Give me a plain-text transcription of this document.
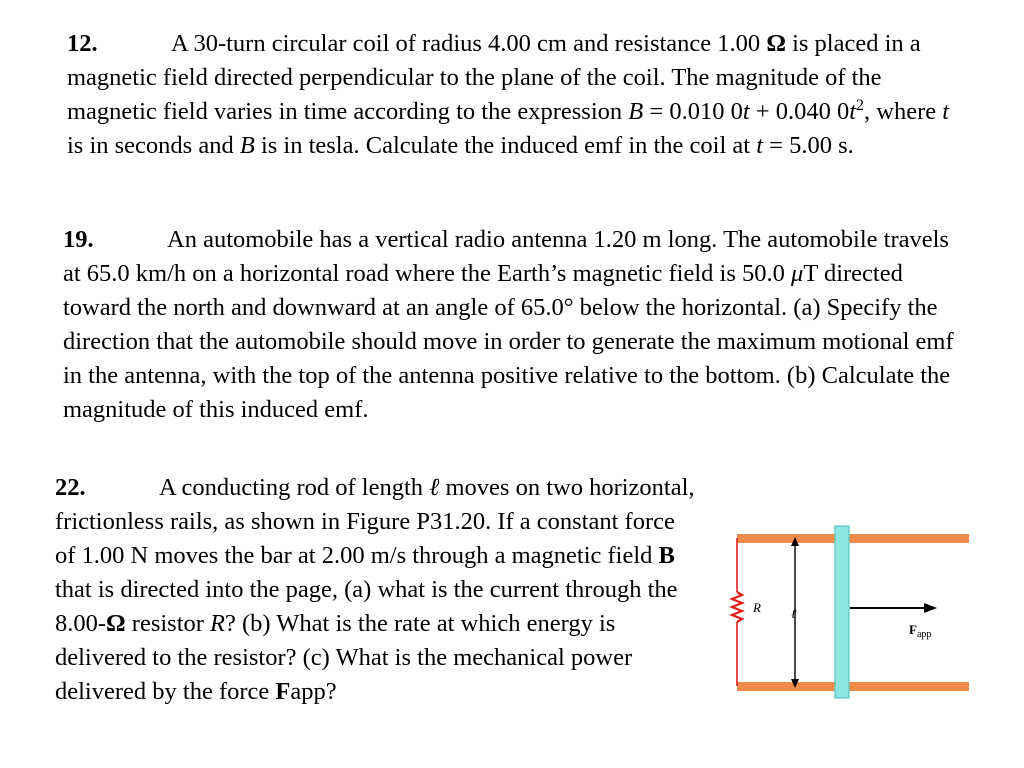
12.	A 30-turn circular coil of radius 4.00 cm and resistance 1.00 Ω is placed in a magnetic field directed perpendicular to the plane of the coil. The magnitude of the magnetic field varies in time according to the expression B = 0.010 0t + 0.040 $0t^2$, where t is in seconds and B is in tesla. Calculate the induced emf in the coil at t = 5.00 s.
19.	An automobile has a vertical radio antenna 1.20 m long. The automobile travels at 65.0 km/h on a horizontal road where the Earth’s magnetic field is 50.0 μT directed toward the north and downward at an angle of 65.0° below the horizontal. (a) Specify the direction that the automobile should move in order to generate the maximum motional emf in the antenna, with the top of the antenna positive relative to the bottom. (b) Calculate the magnitude of this induced emf.
22.	A conducting rod of length ℓ moves on two horizontal, frictionless rails, as shown in Figure P31.20. If a constant force of 1.00 N moves the bar at 2.00 m/s through a magnetic field B that is directed into the page, (a) what is the current through the 8.00-Ω resistor R? (b) What is the rate at which energy is delivered to the resistor? (c) What is the mechanical power delivered by the force Fapp?
R ℓ
$F_{app}$
